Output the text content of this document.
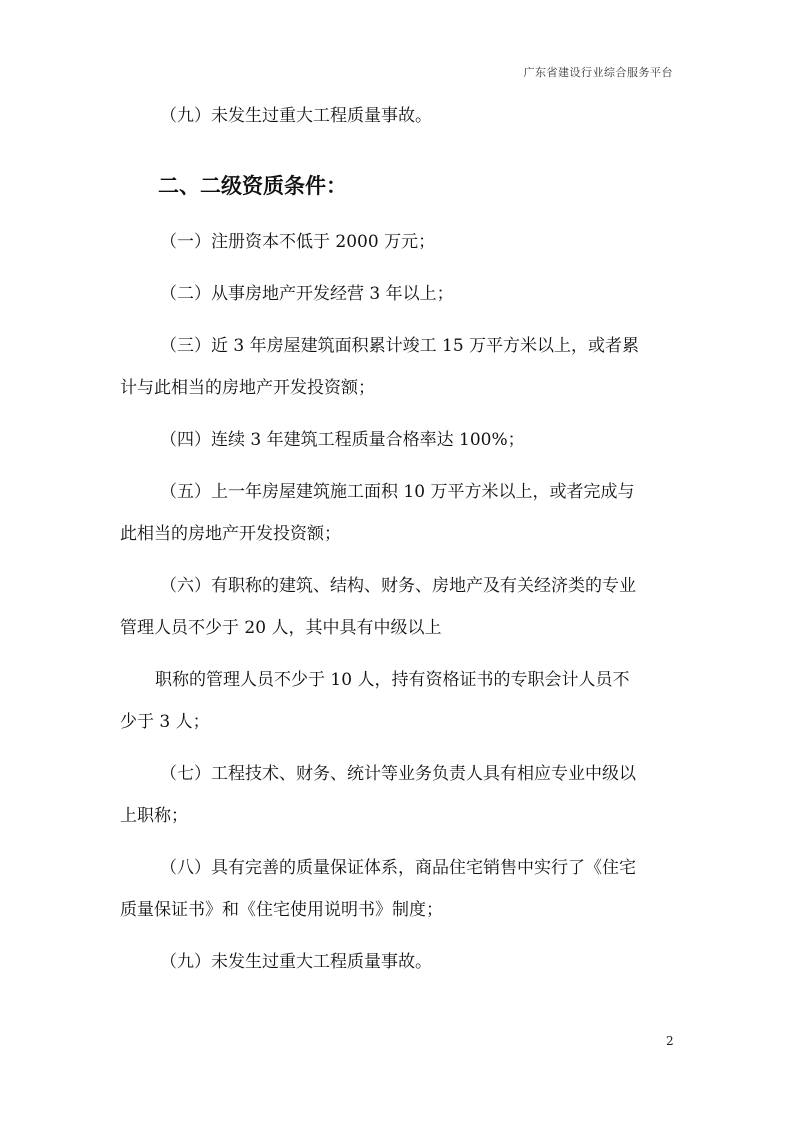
广东省建设行业综合服务平台
（九）未发生过重大工程质量事故。
二、二级资质条件：
（一）注册资本不低于 2000 万元；
（二）从事房地产开发经营 3 年以上；
（三）近 3 年房屋建筑面积累计竣工 15 万平方米以上，或者累
计与此相当的房地产开发投资额；
（四）连续 3 年建筑工程质量合格率达 100%；
（五）上一年房屋建筑施工面积 10 万平方米以上，或者完成与
此相当的房地产开发投资额；
（六）有职称的建筑、结构、财务、房地产及有关经济类的专业
管理人员不少于 20 人，其中具有中级以上
职称的管理人员不少于 10 人，持有资格证书的专职会计人员不
少于 3 人；
（七）工程技术、财务、统计等业务负责人具有相应专业中级以
上职称；
（八）具有完善的质量保证体系，商品住宅销售中实行了《住宅
质量保证书》和《住宅使用说明书》制度；
（九）未发生过重大工程质量事故。
2
